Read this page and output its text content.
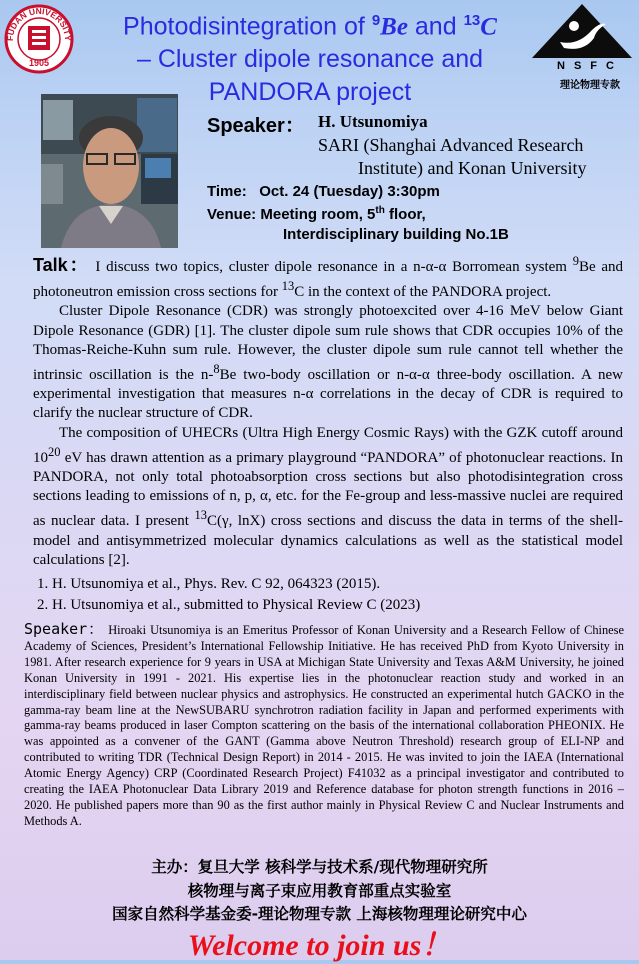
FUDAN UNIVERSITY
1905
Photodisintegration of $^9$Be and $^{13}$C
– Cluster dipole resonance and
PANDORA project
NSFC
理论物理专款
Speaker： H. Utsunomiya
SARI (Shanghai Advanced Research
Institute) and Konan University
Time: Oct. 24 (Tuesday) 3:30pm
Venue: Meeting room, 5th floor,
Interdisciplinary building No.1B

Talk： I discuss two topics, cluster dipole resonance in a n-α-α Borromean system $^9$Be and photoneutron emission cross sections for $^{13}$C in the context of the PANDORA project.

Cluster Dipole Resonance (CDR) was strongly photoexcited over 4-16 MeV below Giant Dipole Resonance (GDR) [1]. The cluster dipole sum rule shows that CDR occupies 10% of the Thomas-Reiche-Kuhn sum rule. However, the cluster dipole sum rule cannot tell whether the intrinsic oscillation is the n-$^8$Be two-body oscillation or n-α-α three-body oscillation. A new experimental investigation that measures n-α correlations in the decay of CDR is required to clarify the nuclear structure of CDR.

The composition of UHECRs (Ultra High Energy Cosmic Rays) with the GZK cutoff around $10^{20}$ eV has drawn attention as a primary playground “PANDORA” of photonuclear reactions. In PANDORA, not only total photoabsorption cross sections but also photodisintegration cross sections leading to emissions of n, p, α, etc. for the Fe-group and less-massive nuclei are required as nuclear data. I present $^{13}$C(γ, lnX) cross sections and discuss the data in terms of the shell-model and antisymmetrized molecular dynamics calculations as well as the statistical model calculations [2].

1. H. Utsunomiya et al., Phys. Rev. C 92, 064323 (2015).
2. H. Utsunomiya et al., submitted to Physical Review C (2023)
Speaker： Hiroaki Utsunomiya is an Emeritus Professor of Konan University and a Research Fellow of Chinese Academy of Sciences, President’s International Fellowship Initiative. He has received PhD from Kyoto University in 1981. After research experience for 9 years in USA at Michigan State University and Texas A&M University, he joined Konan University in 1991 - 2021. His expertise lies in the photonuclear reaction study and worked in an interdisciplinary field between nuclear physics and astrophysics. He constructed an experimental hutch GACKO in the gamma-ray beam line at the NewSUBARU synchrotron radiation facility in Japan and performed experiments with gamma-ray beams produced in laser Compton scattering on the basis of the international collaboration PHEONIX. He was appointed as a convener of the GANT (Gamma above Neutron Threshold) research group of ELI-NP and contributed to writing TDR (Technical Design Report) in 2014 - 2015. He was invited to join the IAEA (International Atomic Energy Agency) CRP (Coordinated Research Project) F41032 as a principal investigator and contributed to creating the IAEA Photonuclear Data Library 2019 and Reference database for photon strength functions in 2016 – 2020. He published papers more than 90 as the first author mainly in Physical Review C and Nuclear Instruments and Methods A.
主办：复旦大学 核科学与技术系/现代物理研究所
核物理与离子束应用教育部重点实验室
国家自然科学基金委-理论物理专款 上海核物理理论研究中心
Welcome to join us！
